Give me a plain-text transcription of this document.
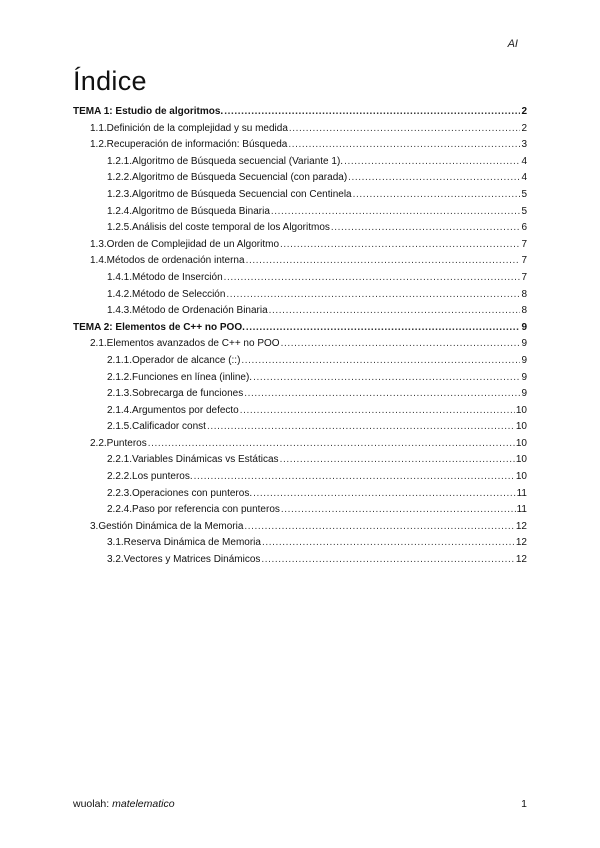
AI
Índice
TEMA 1: Estudio de algoritmos. .....	2
1.1.Definición de la complejidad y su medida .....	2
1.2.Recuperación de información: Búsqueda .....	3
1.2.1.Algoritmo de Búsqueda secuencial (Variante 1). .....	4
1.2.2.Algoritmo de Búsqueda Secuencial (con parada) .....	4
1.2.3.Algoritmo de Búsqueda Secuencial con Centinela .....	5
1.2.4.Algoritmo de Búsqueda Binaria .....	5
1.2.5.Análisis del coste temporal de los Algoritmos .....	6
1.3.Orden de Complejidad de un Algoritmo .....	7
1.4.Métodos de ordenación interna .....	7
1.4.1.Método de Inserción .....	7
1.4.2.Método de Selección .....	8
1.4.3.Método de Ordenación Binaria .....	8
TEMA 2: Elementos de C++ no POO. .....	9
2.1.Elementos avanzados de C++ no POO .....	9
2.1.1.Operador de alcance (::) .....	9
2.1.2.Funciones en línea (inline). .....	9
2.1.3.Sobrecarga de funciones .....	9
2.1.4.Argumentos por defecto .....	10
2.1.5.Calificador const .....	10
2.2.Punteros .....	10
2.2.1.Variables Dinámicas vs Estáticas .....	10
2.2.2.Los punteros. .....	10
2.2.3.Operaciones con punteros. .....	11
2.2.4.Paso por referencia con punteros .....	11
3.Gestión Dinámica de la Memoria .....	12
3.1.Reserva Dinámica de Memoria .....	12
3.2.Vectores y Matrices Dinámicos .....	12
wuolah: matelematico	1
